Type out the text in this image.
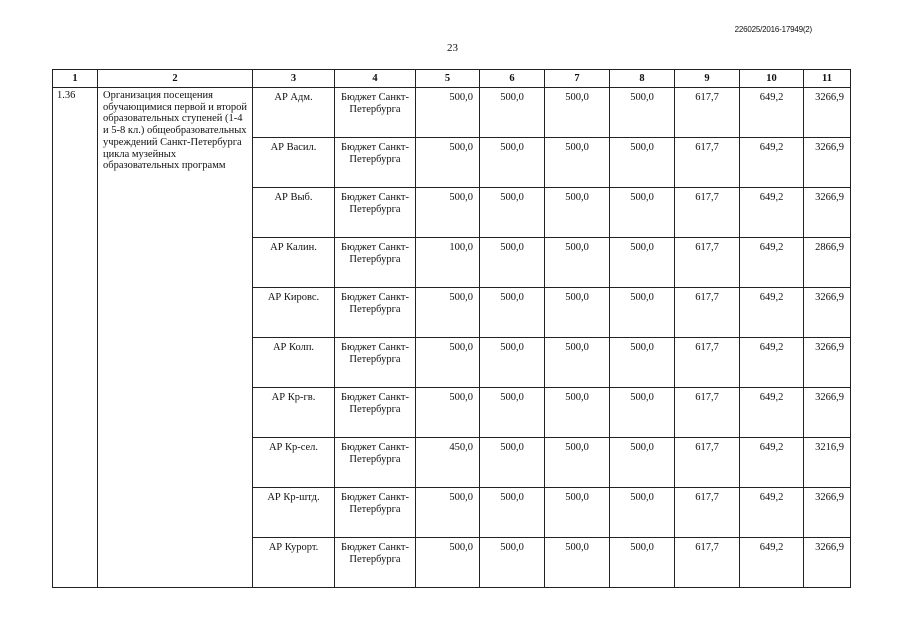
226025/2016-17949(2)
23
1	2	3	4	5	6	7	8	9	10	11
1.36	Организация посещения обучающимися первой и второй образовательных ступеней (1-4 и 5-8 кл.) общеобразовательных учреждений Санкт-Петербурга цикла музейных образовательных программ	АР Адм.	Бюджет Санкт-Петербурга	500,0	500,0	500,0	500,0	617,7	649,2	3266,9
		АР Васил.	Бюджет Санкт-Петербурга	500,0	500,0	500,0	500,0	617,7	649,2	3266,9
		АР Выб.	Бюджет Санкт-Петербурга	500,0	500,0	500,0	500,0	617,7	649,2	3266,9
		АР Калин.	Бюджет Санкт-Петербурга	100,0	500,0	500,0	500,0	617,7	649,2	2866,9
		АР Кировс.	Бюджет Санкт-Петербурга	500,0	500,0	500,0	500,0	617,7	649,2	3266,9
		АР Колп.	Бюджет Санкт-Петербурга	500,0	500,0	500,0	500,0	617,7	649,2	3266,9
		АР Кр-гв.	Бюджет Санкт-Петербурга	500,0	500,0	500,0	500,0	617,7	649,2	3266,9
		АР Кр-сел.	Бюджет Санкт-Петербурга	450,0	500,0	500,0	500,0	617,7	649,2	3216,9
		АР Кр-штд.	Бюджет Санкт-Петербурга	500,0	500,0	500,0	500,0	617,7	649,2	3266,9
		АР Курорт.	Бюджет Санкт-Петербурга	500,0	500,0	500,0	500,0	617,7	649,2	3266,9
